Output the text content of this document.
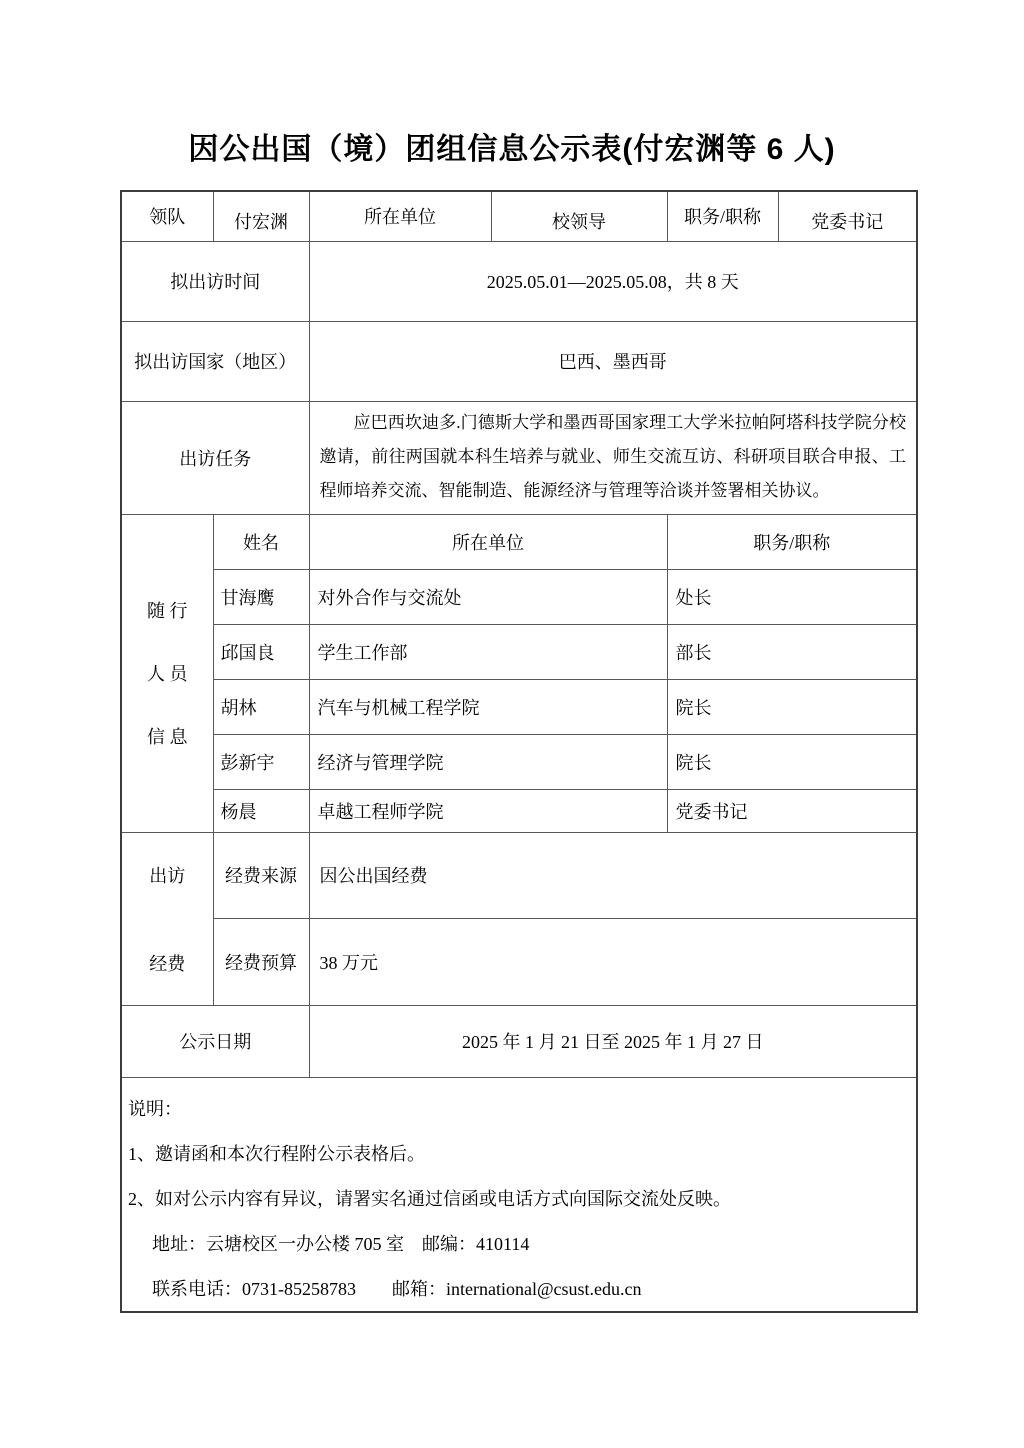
因公出国（境）团组信息公示表(付宏渊等 6 人)
领队	付宏渊	所在单位	校领导	职务/职称	党委书记
拟出访时间		2025.05.01—2025.05.08，共 8 天			
拟出访国家（地区）		巴西、墨西哥			
出访任务		应巴西坎迪多.门德斯大学和墨西哥国家理工大学米拉帕阿塔科技学院分校邀请，前往两国就本科生培养与就业、师生交流互访、科研项目联合申报、工程师培养交流、智能制造、能源经济与管理等洽谈并签署相关协议。			

随 行
人 员
信 息	姓名	所在单位		职务/职称	
	甘海鹰	对外合作与交流处		处长	
	邱国良	学生工作部		部长	
	胡林	汽车与机械工程学院		院长	
	彭新宇	经济与管理学院		院长	
	杨晨	卓越工程师学院		党委书记	

出访
经费	经费来源	因公出国经费			
	经费预算	38 万元			
公示日期		2025 年 1 月 21 日至 2025 年 1 月 27 日			

说明：
1、邀请函和本次行程附公示表格后。
2、如对公示内容有异议，请署实名通过信函或电话方式向国际交流处反映。
地址：云塘校区一办公楼 705 室　邮编：410114
联系电话：0731-85258783　　邮箱：international@csust.edu.cn					
